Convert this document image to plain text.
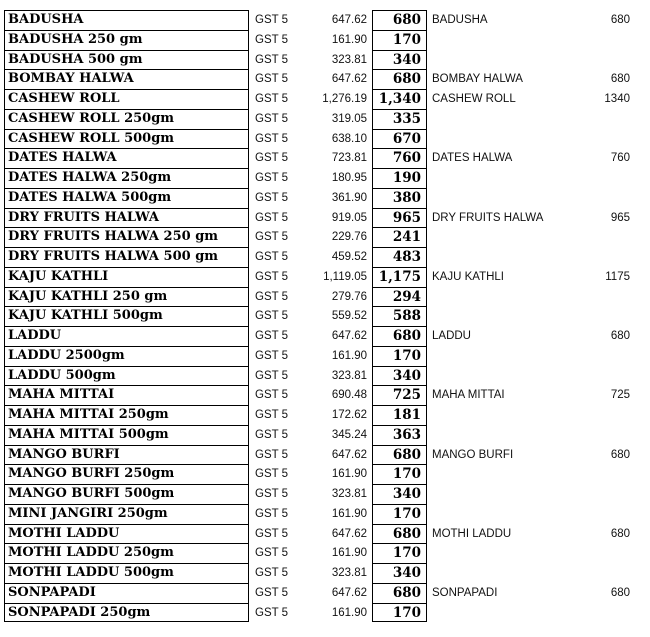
BADUSHA	GST 5	647.62	680 BADUSHA	680
BADUSHA 250 gm	GST 5	161.90	170
BADUSHA 500 gm	GST 5	323.81	340
BOMBAY HALWA	GST 5	647.62	680 BOMBAY HALWA	680
CASHEW ROLL	GST 5	1,276.19 1,340 CASHEW ROLL	1340
CASHEW ROLL 250gm	GST 5	319.05	335
CASHEW ROLL 500gm	GST 5	638.10	670
DATES HALWA	GST 5	723.81	760 DATES HALWA	760
DATES HALWA 250gm	GST 5	180.95	190
DATES HALWA 500gm	GST 5	361.90	380
DRY FRUITS HALWA	GST 5	919.05	965 DRY FRUITS HALWA	965
DRY FRUITS HALWA 250 gm	GST 5	229.76	241
DRY FRUITS HALWA 500 gm	GST 5	459.52	483
KAJU KATHLI	GST 5	1,119.05 1,175 KAJU KATHLI	1175
KAJU KATHLI 250 gm	GST 5	279.76	294
KAJU KATHLI 500gm	GST 5	559.52	588
LADDU	GST 5	647.62	680 LADDU	680
LADDU 2500gm	GST 5	161.90	170
LADDU 500gm	GST 5	323.81	340
MAHA MITTAI	GST 5	690.48	725 MAHA MITTAI	725
MAHA MITTAI 250gm	GST 5	172.62	181
MAHA MITTAI 500gm	GST 5	345.24	363
MANGO BURFI	GST 5	647.62	680 MANGO BURFI	680
MANGO BURFI 250gm	GST 5	161.90	170
MANGO BURFI 500gm	GST 5	323.81	340
MINI JANGIRI 250gm	GST 5	161.90	170
MOTHI LADDU	GST 5	647.62	680 MOTHI LADDU	680
MOTHI LADDU 250gm	GST 5	161.90	170
MOTHI LADDU 500gm	GST 5	323.81	340
SONPAPADI	GST 5	647.62	680 SONPAPADI	680
SONPAPADI 250gm	GST 5	161.90	170
